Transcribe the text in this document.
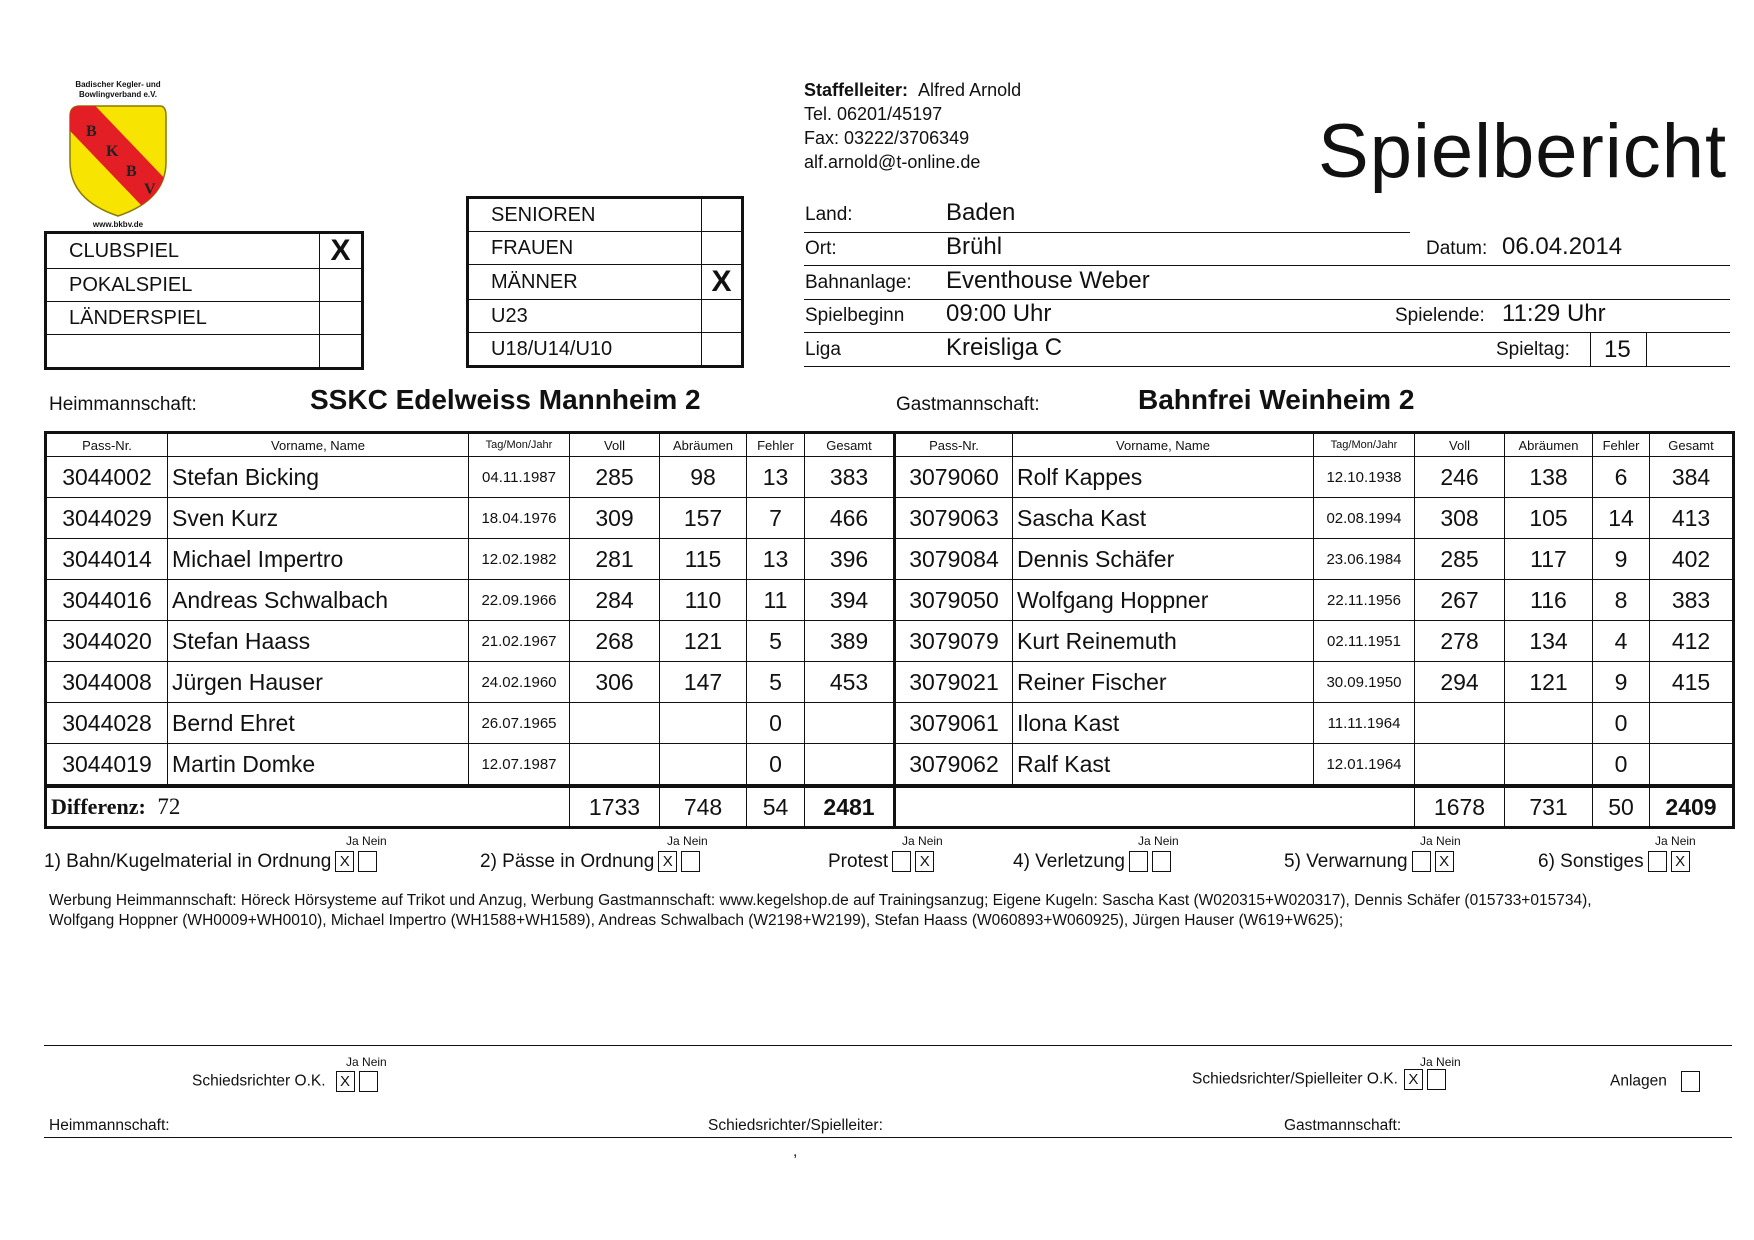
Badischer Kegler- und Bowlingverband e.V.
B
K
B
V
www.bkbv.de
CLUBSPIEL	X
POKALSPIEL	
LÄNDERSPIEL	

SENIOREN	
FRAUEN	
MÄNNER	X
U23	
U18/U14/U10	
Staffelleiter: Alfred Arnold
Tel. 06201/45197
Fax: 03222/3706349
alf.arnold@t-online.de	Spielbericht
Land:	Baden
Ort:	Brühl	Datum: 06.04.2014
Bahnanlage: Eventhouse Weber
Spielbeginn 09:00 Uhr	Spielende: 11:29 Uhr
Liga	Kreisliga C	Spieltag: 15
Heimmannschaft:	SSKC Edelweiss Mannheim 2	Gastmannschaft:	Bahnfrei Weinheim 2
Pass-Nr.	Vorname, Name	Tag/Mon/Jahr	Voll	Abräumen	Fehler	Gesamt	Pass-Nr.	Vorname, Name	Tag/Mon/Jahr	Voll	Abräumen	Fehler	Gesamt
3044002	Stefan Bicking	04.11.1987	285	98	13	383	3079060	Rolf Kappes	12.10.1938	246	138	6	384
3044029	Sven Kurz	18.04.1976	309	157	7	466	3079063	Sascha Kast	02.08.1994	308	105	14	413
3044014	Michael Impertro	12.02.1982	281	115	13	396	3079084	Dennis Schäfer	23.06.1984	285	117	9	402
3044016	Andreas Schwalbach	22.09.1966	284	110	11	394	3079050	Wolfgang Hoppner	22.11.1956	267	116	8	383
3044020	Stefan Haass	21.02.1967	268	121	5	389	3079079	Kurt Reinemuth	02.11.1951	278	134	4	412
3044008	Jürgen Hauser	24.02.1960	306	147	5	453	3079021	Reiner Fischer	30.09.1950	294	121	9	415
3044028	Bernd Ehret	26.07.1965			0		3079061	Ilona Kast	11.11.1964			0	
3044019	Martin Domke	12.07.1987			0		3079062	Ralf Kast	12.01.1964			0	
Differenz: 72			1733	748	54	2481				1678	731	50	2409
Ja Nein
1) Bahn/Kugelmaterial in Ordnung X
Ja Nein
2) Pässe in Ordnung X
Ja Nein
Protest X
Ja Nein
4) Verletzung
Ja Nein
5) Verwarnung X
Ja Nein
6) Sonstiges X
Werbung Heimmannschaft: Höreck Hörsysteme auf Trikot und Anzug, Werbung Gastmannschaft: www.kegelshop.de auf Trainingsanzug; Eigene Kugeln: Sascha Kast (W020315+W020317), Dennis Schäfer (015733+015734),
Wolfgang Hoppner (WH0009+WH0010), Michael Impertro (WH1588+WH1589), Andreas Schwalbach (W2198+W2199), Stefan Haass (W060893+W060925), Jürgen Hauser (W619+W625);
Ja Nein
Schiedsrichter O.K. X
Ja Nein
Schiedsrichter/Spielleiter O.K. X	Anlagen
Heimmannschaft:	Schiedsrichter/Spielleiter:	Gastmannschaft:
,
